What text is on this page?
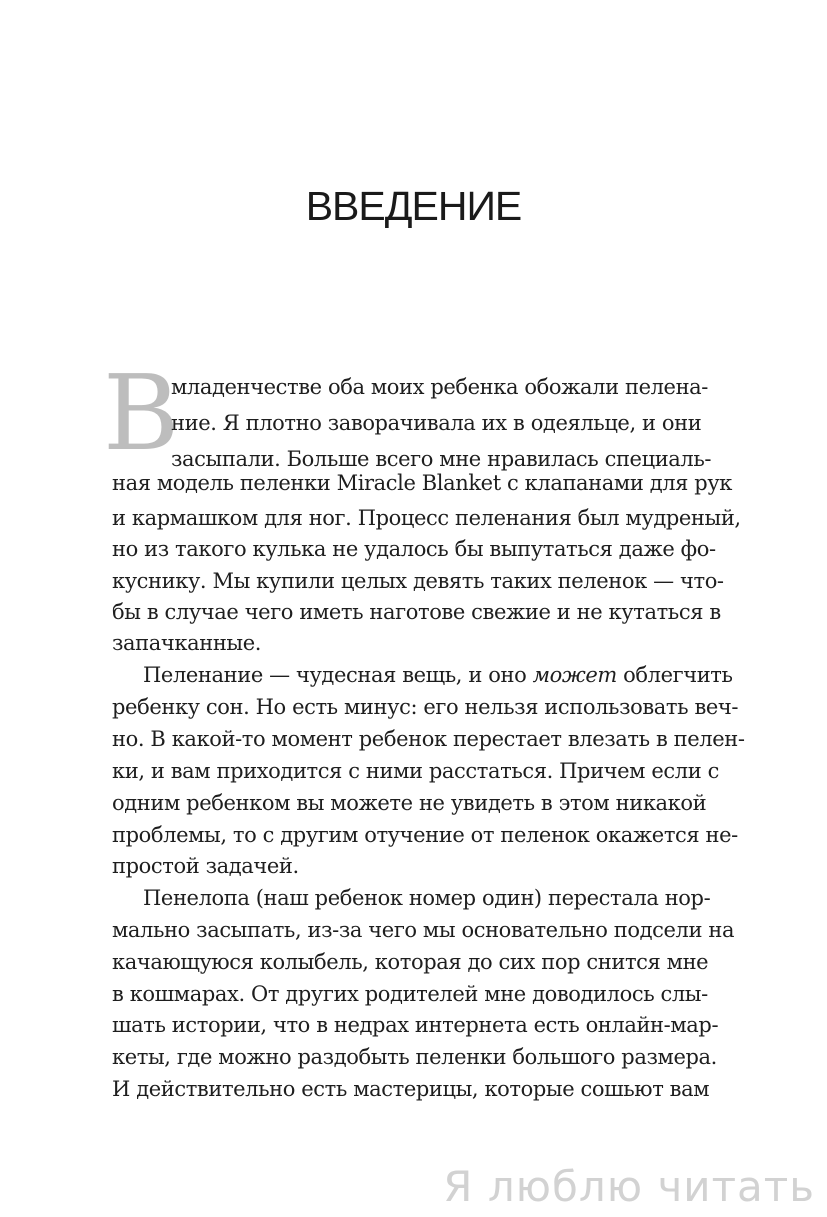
ВВЕДЕНИЕ
В
младенчестве оба моих ребенка обожали пелена-
ние. Я плотно заворачивала их в одеяльце, и они
засыпали. Больше всего мне нравилась специаль-
ная модель пеленки Miracle Blanket с клапанами для рук
и кармашком для ног. Процесс пеленания был мудреный,
но из такого кулька не удалось бы выпутаться даже фо-
куснику. Мы купили целых девять таких пеленок — что-
бы в случае чего иметь наготове свежие и не кутаться в
запачканные.
Пеленание — чудесная вещь, и оно может облегчить
ребенку сон. Но есть минус: его нельзя использовать веч-
но. В какой-то момент ребенок перестает влезать в пелен-
ки, и вам приходится с ними расстаться. Причем если с
одним ребенком вы можете не увидеть в этом никакой
проблемы, то с другим отучение от пеленок окажется не-
простой задачей.
Пенелопа (наш ребенок номер один) перестала нор-
мально засыпать, из-за чего мы основательно подсели на
качающуюся колыбель, которая до сих пор снится мне
в кошмарах. От других родителей мне доводилось слы-
шать истории, что в недрах интернета есть онлайн-мар-
кеты, где можно раздобыть пеленки большого размера.
И действительно есть мастерицы, которые сошьют вам
Я люблю читать
